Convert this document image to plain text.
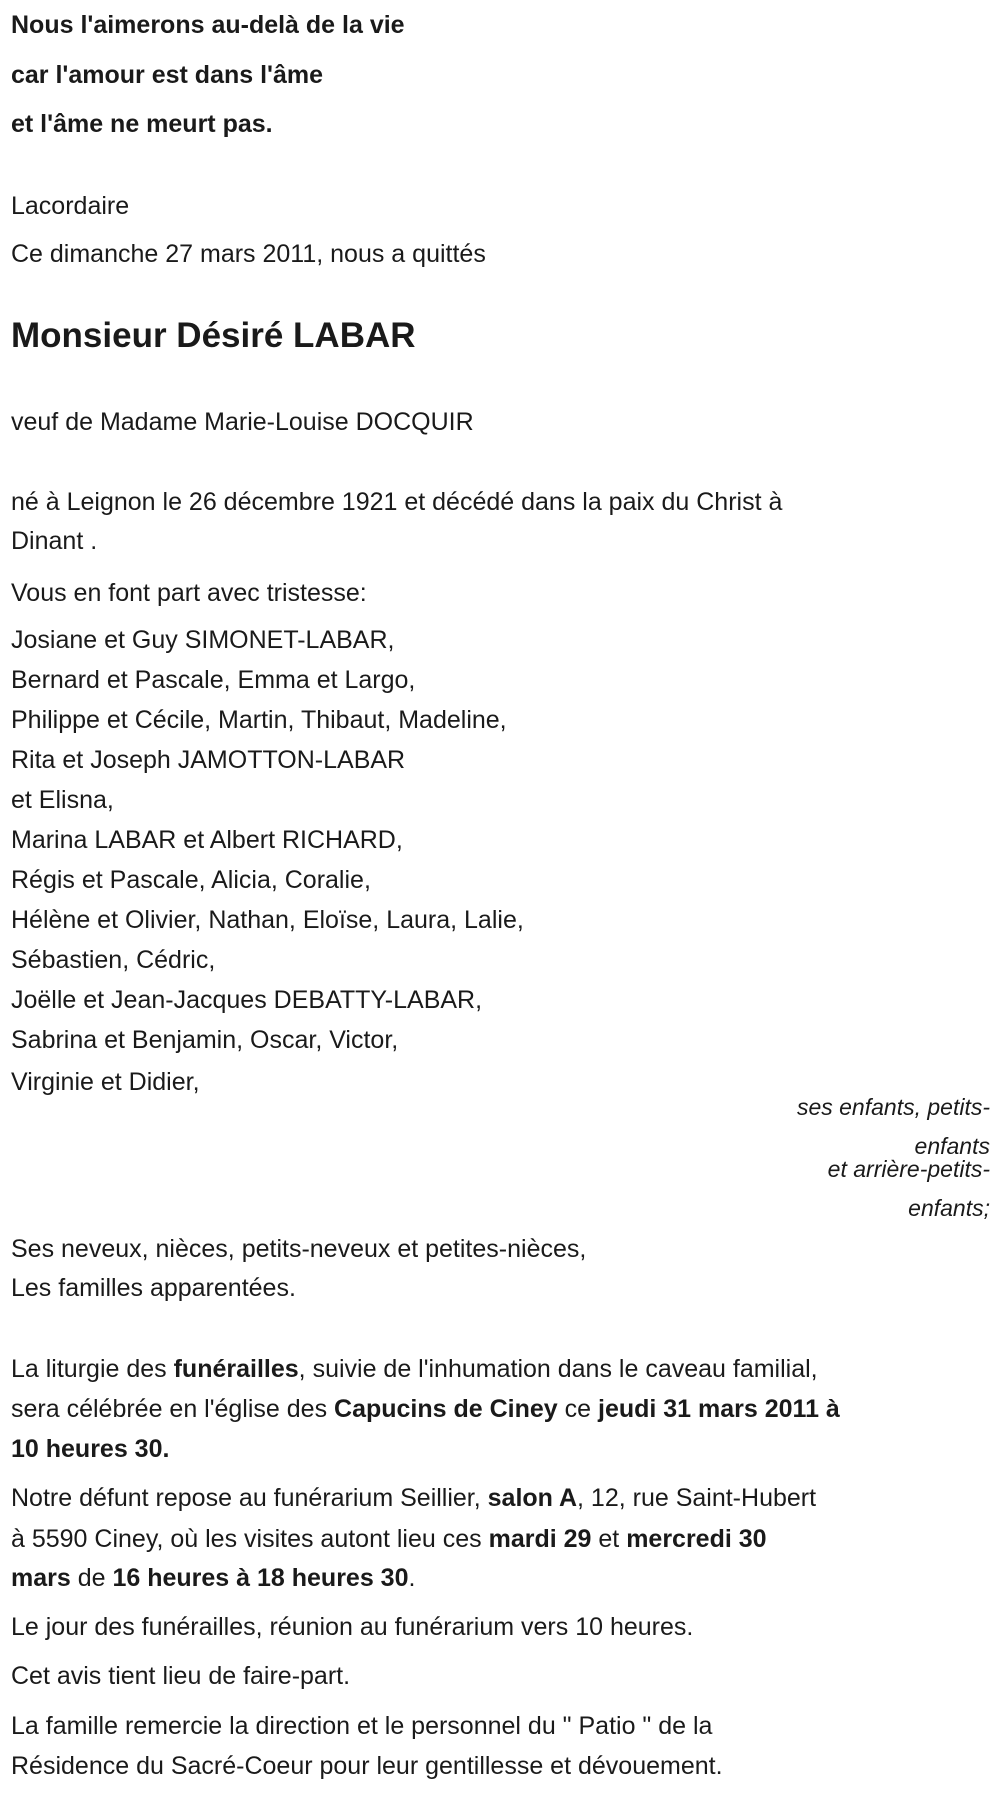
Nous l'aimerons au-delà de la vie
car l'amour est dans l'âme
et l'âme ne meurt pas.
Lacordaire
Ce dimanche 27 mars 2011, nous a quittés
Monsieur Désiré LABAR
veuf de Madame Marie-Louise DOCQUIR
né à Leignon le 26 décembre 1921 et décédé dans la paix du Christ à
Dinant .
Vous en font part avec tristesse:
Josiane et Guy SIMONET-LABAR,
Bernard et Pascale, Emma et Largo,
Philippe et Cécile, Martin, Thibaut, Madeline,
Rita et Joseph JAMOTTON-LABAR
et Elisna,
Marina LABAR et Albert RICHARD,
Régis et Pascale, Alicia, Coralie,
Hélène et Olivier, Nathan, Eloïse, Laura, Lalie,
Sébastien, Cédric,
Joëlle et Jean-Jacques DEBATTY-LABAR,
Sabrina et Benjamin, Oscar, Victor,
Virginie et Didier,
ses enfants, petits-
enfants
et arrière-petits-
enfants;
Ses neveux, nièces, petits-neveux et petites-nièces,
Les familles apparentées.
La liturgie des funérailles, suivie de l'inhumation dans le caveau familial,
sera célébrée en l'église des Capucins de Ciney ce jeudi 31 mars 2011 à
10 heures 30.
Notre défunt repose au funérarium Seillier, salon A, 12, rue Saint-Hubert
à 5590 Ciney, où les visites autont lieu ces mardi 29 et mercredi 30
mars de 16 heures à 18 heures 30.
Le jour des funérailles, réunion au funérarium vers 10 heures.
Cet avis tient lieu de faire-part.
La famille remercie la direction et le personnel du " Patio " de la
Résidence du Sacré-Coeur pour leur gentillesse et dévouement.
